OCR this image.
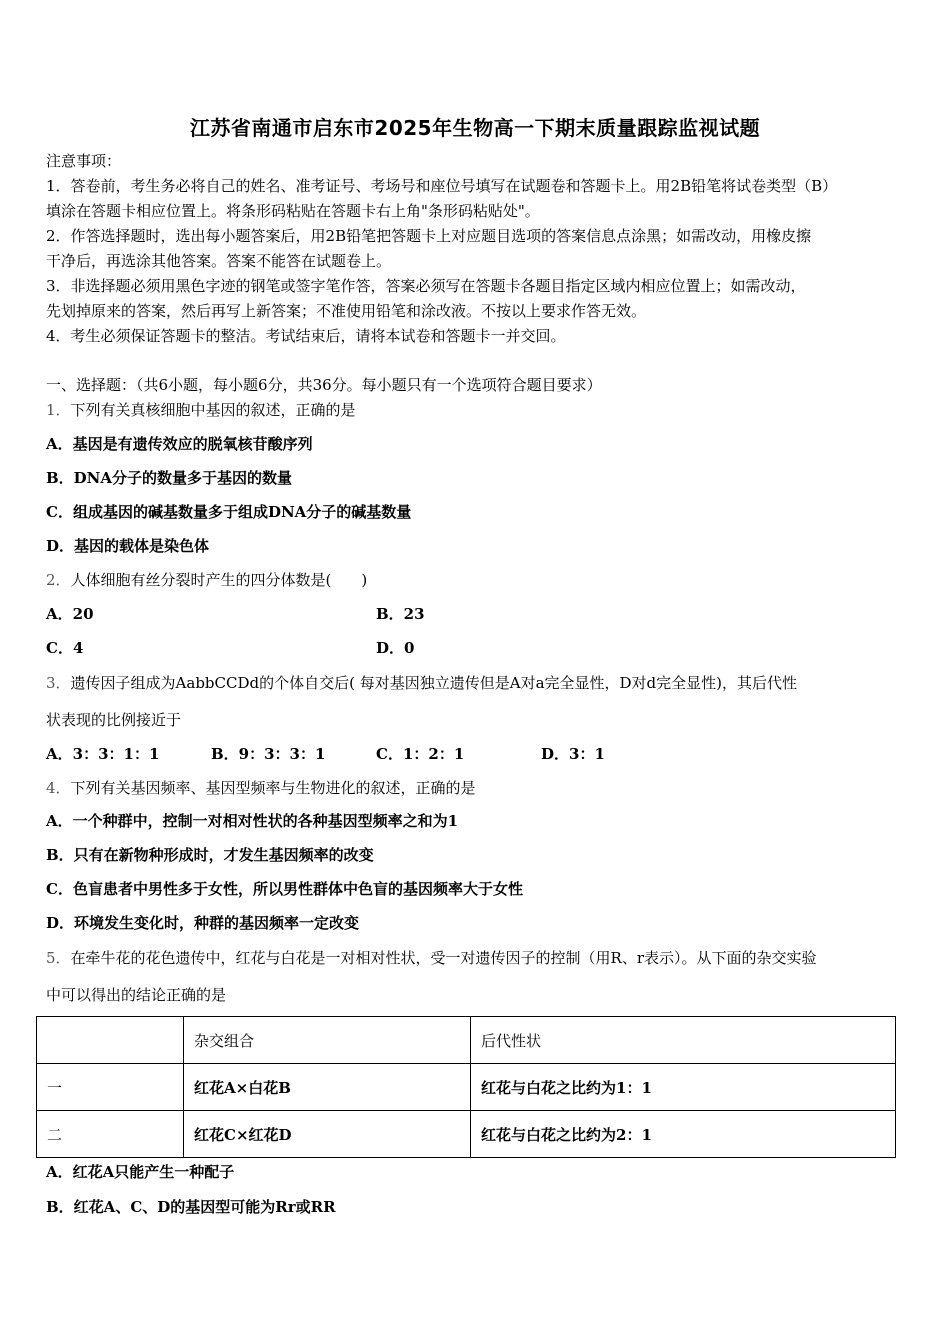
江苏省南通市启东市2025年生物高一下期末质量跟踪监视试题
注意事项：
1．答卷前，考生务必将自己的姓名、准考证号、考场号和座位号填写在试题卷和答题卡上。用2B铅笔将试卷类型（B）
填涂在答题卡相应位置上。将条形码粘贴在答题卡右上角"条形码粘贴处"。
2．作答选择题时，选出每小题答案后，用2B铅笔把答题卡上对应题目选项的答案信息点涂黑；如需改动，用橡皮擦
干净后，再选涂其他答案。答案不能答在试题卷上。
3．非选择题必须用黑色字迹的钢笔或签字笔作答，答案必须写在答题卡各题目指定区域内相应位置上；如需改动，
先划掉原来的答案，然后再写上新答案；不准使用铅笔和涂改液。不按以上要求作答无效。
4．考生必须保证答题卡的整洁。考试结束后，请将本试卷和答题卡一并交回。
一、选择题：（共6小题，每小题6分，共36分。每小题只有一个选项符合题目要求）
1．下列有关真核细胞中基因的叙述，正确的是
A．基因是有遗传效应的脱氧核苷酸序列
B．DNA分子的数量多于基因的数量
C．组成基因的碱基数量多于组成DNA分子的碱基数量
D．基因的载体是染色体
2．人体细胞有丝分裂时产生的四分体数是(　　)
A．20	B．23
C．4	D．0
3．遗传因子组成为AabbCCDd的个体自交后( 每对基因独立遗传但是A对a完全显性，D对d完全显性)，其后代性
状表现的比例接近于
A．3：3：1：1	B．9：3：3：1	C．1：2：1	D．3：1
4．下列有关基因频率、基因型频率与生物进化的叙述，正确的是
A．一个种群中，控制一对相对性状的各种基因型频率之和为1
B．只有在新物种形成时，才发生基因频率的改变
C．色盲患者中男性多于女性，所以男性群体中色盲的基因频率大于女性
D．环境发生变化时，种群的基因频率一定改变
5．在牵牛花的花色遗传中，红花与白花是一对相对性状，受一对遗传因子的控制（用R、r表示）。从下面的杂交实验
中可以得出的结论正确的是
	杂交组合	后代性状
一	红花A×白花B	红花与白花之比约为1：1
二	红花C×红花D	红花与白花之比约为2：1
A．红花A只能产生一种配子
B．红花A、C、D的基因型可能为Rr或RR
